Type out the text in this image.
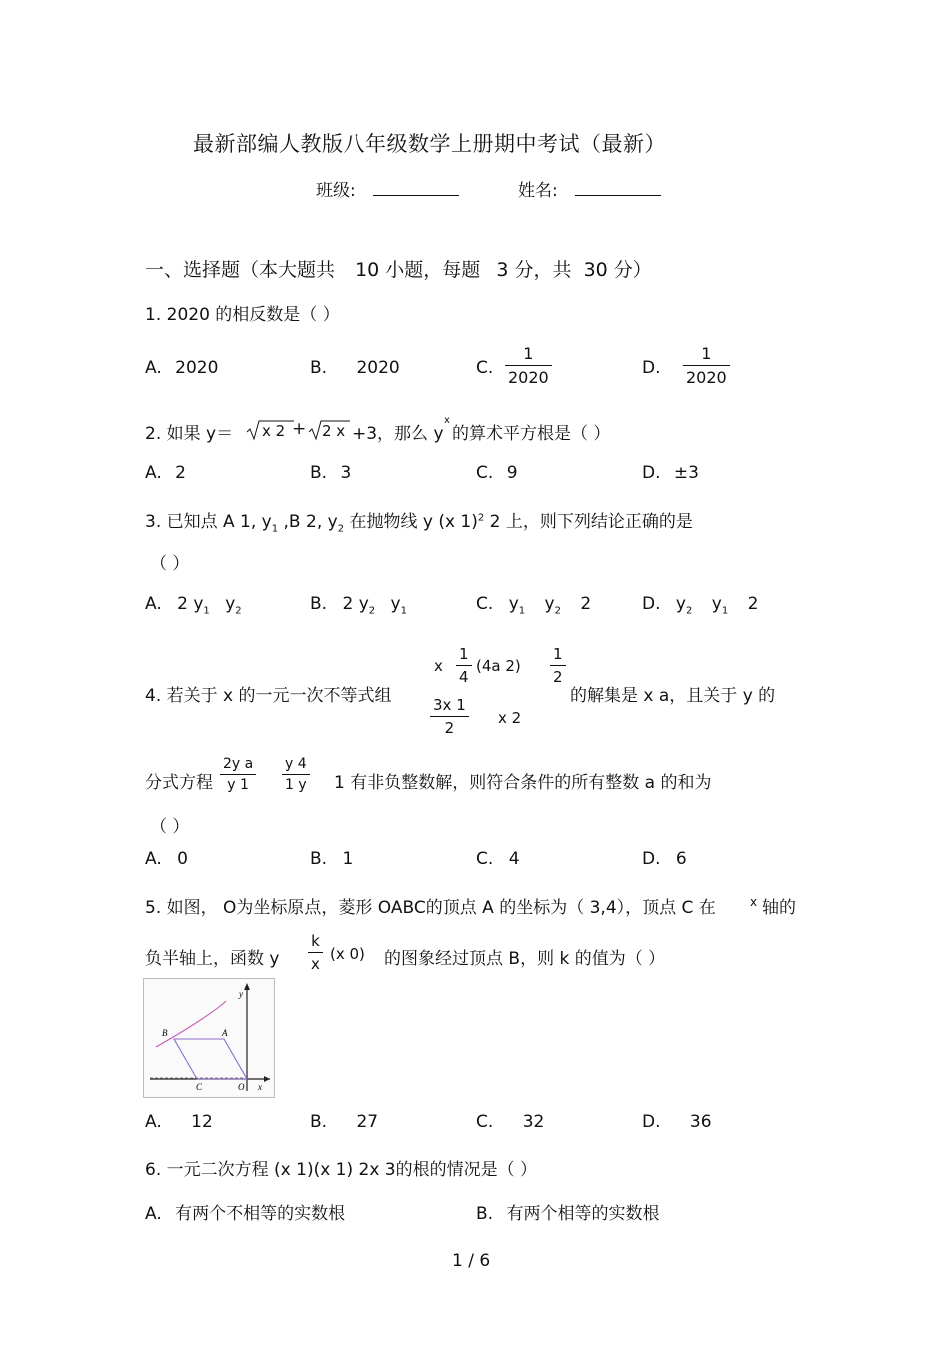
最新部编人教版八年级数学上册期中考试（最新）
班级:	姓名:
一、选择题（本大题共 10 小题，每题 3 分，共 30 分）
1. 2020 的相反数是（ ）
A. 2020	B. 2020	C.
1
2020	D.
1
2020
2. 如果 y＝ x 2 + 2 x +3，那么 y
x
的算术平方根是（ ）
A. 2	B. 3	C. 9	D. ±3
3. 已知点 A 1, $y_1$ ,B 2, $y_2$ 在抛物线 y (x 1)$^2$ 2 上，则下列结论正确的是
（ ）
A. 2 $y_1$ $y_2$	B. 2 $y_2$ $y_1$	C. $y_1$ $y_2$ 2	D. $y_2$ $y_1$ 2
4. 若关于 x 的一元一次不等式组
x
1
4
(4a 2)
1
2
3x 1
2
x 2
的解集是 x a，且关于 y 的
分式方程
2y a
y 1
y 4
1 y 1 有非负整数解，则符合条件的所有整数 a 的和为
（ ）
A. 0	B. 1	C. 4	D. 6
5. 如图， O为坐标原点，菱形 OABC的顶点 A 的坐标为（ 3,4），顶点 C 在	x 轴的
负半轴上，函数 y
k
x
(x 0) 的图象经过顶点 B，则 k 的值为（ ）
y
B	A
C	O x
A. 12	B. 27	C. 32	D. 36
6. 一元二次方程 (x 1)(x 1) 2x 3的根的情况是（ ）
A. 有两个不相等的实数根	B. 有两个相等的实数根
1 / 6
